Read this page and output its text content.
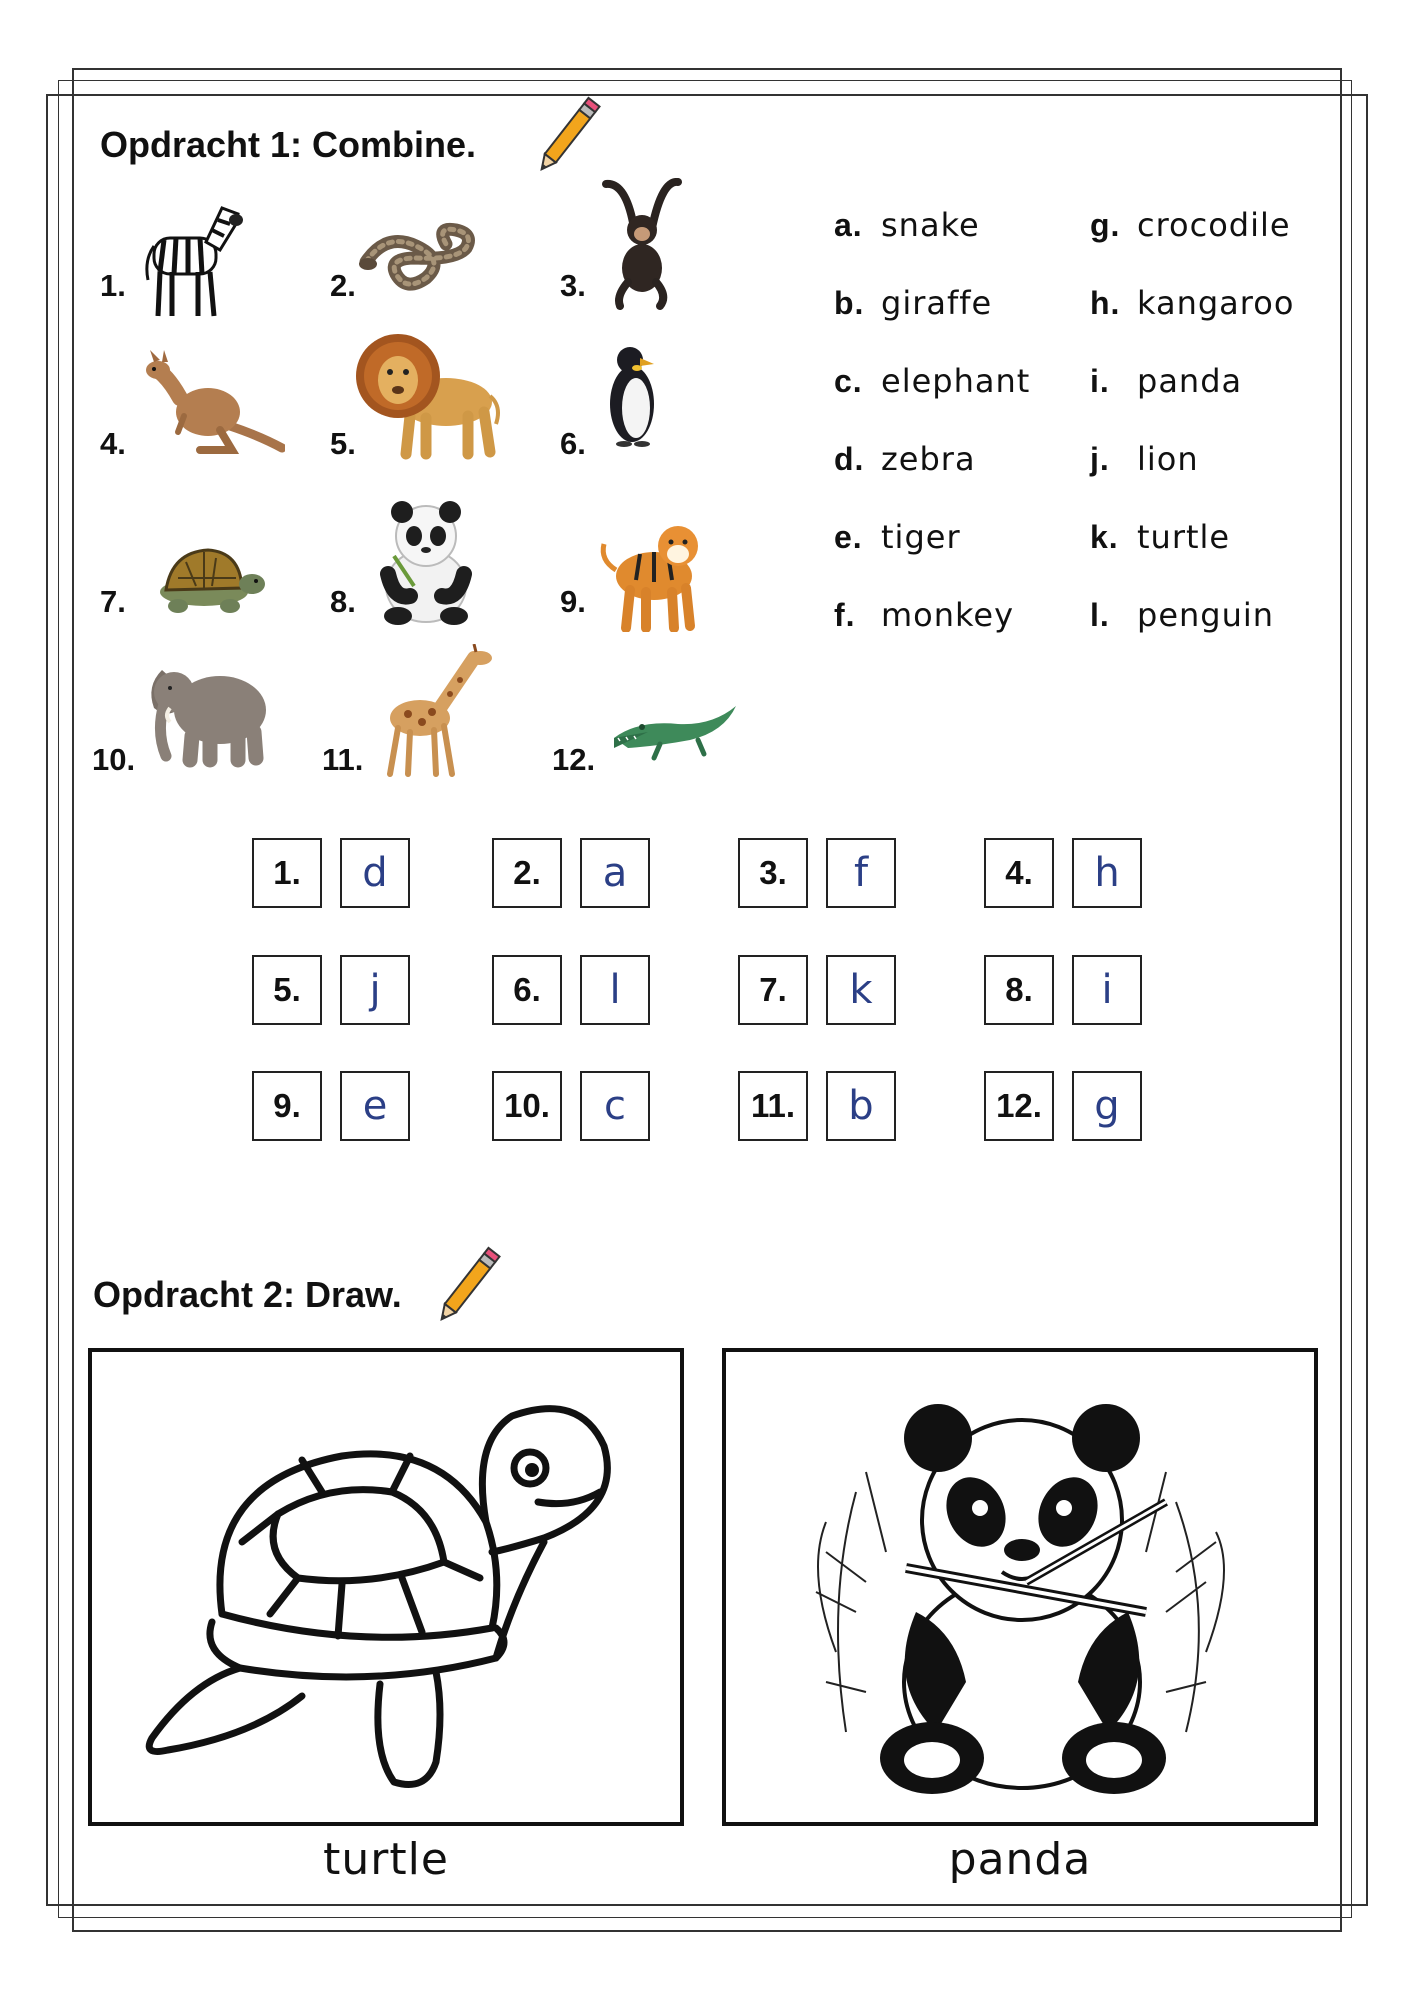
Opdracht 1: Combine.
1.	2.	3.
4.	5.	6.
7.	8.	9.
10.	11.	12.
a. snake
b. giraffe
c. elephant
d. zebra
e. tiger
f. monkey
g. crocodile
h. kangaroo
i. panda
j. lion
k. turtle
l. penguin
1.	d	2.	a	3.	f	4.	h
5.	j	6.	l	7.	k	8.	i
9.	e	10.	c	11.	b	12.	g
Opdracht 2: Draw.
turtle	panda
